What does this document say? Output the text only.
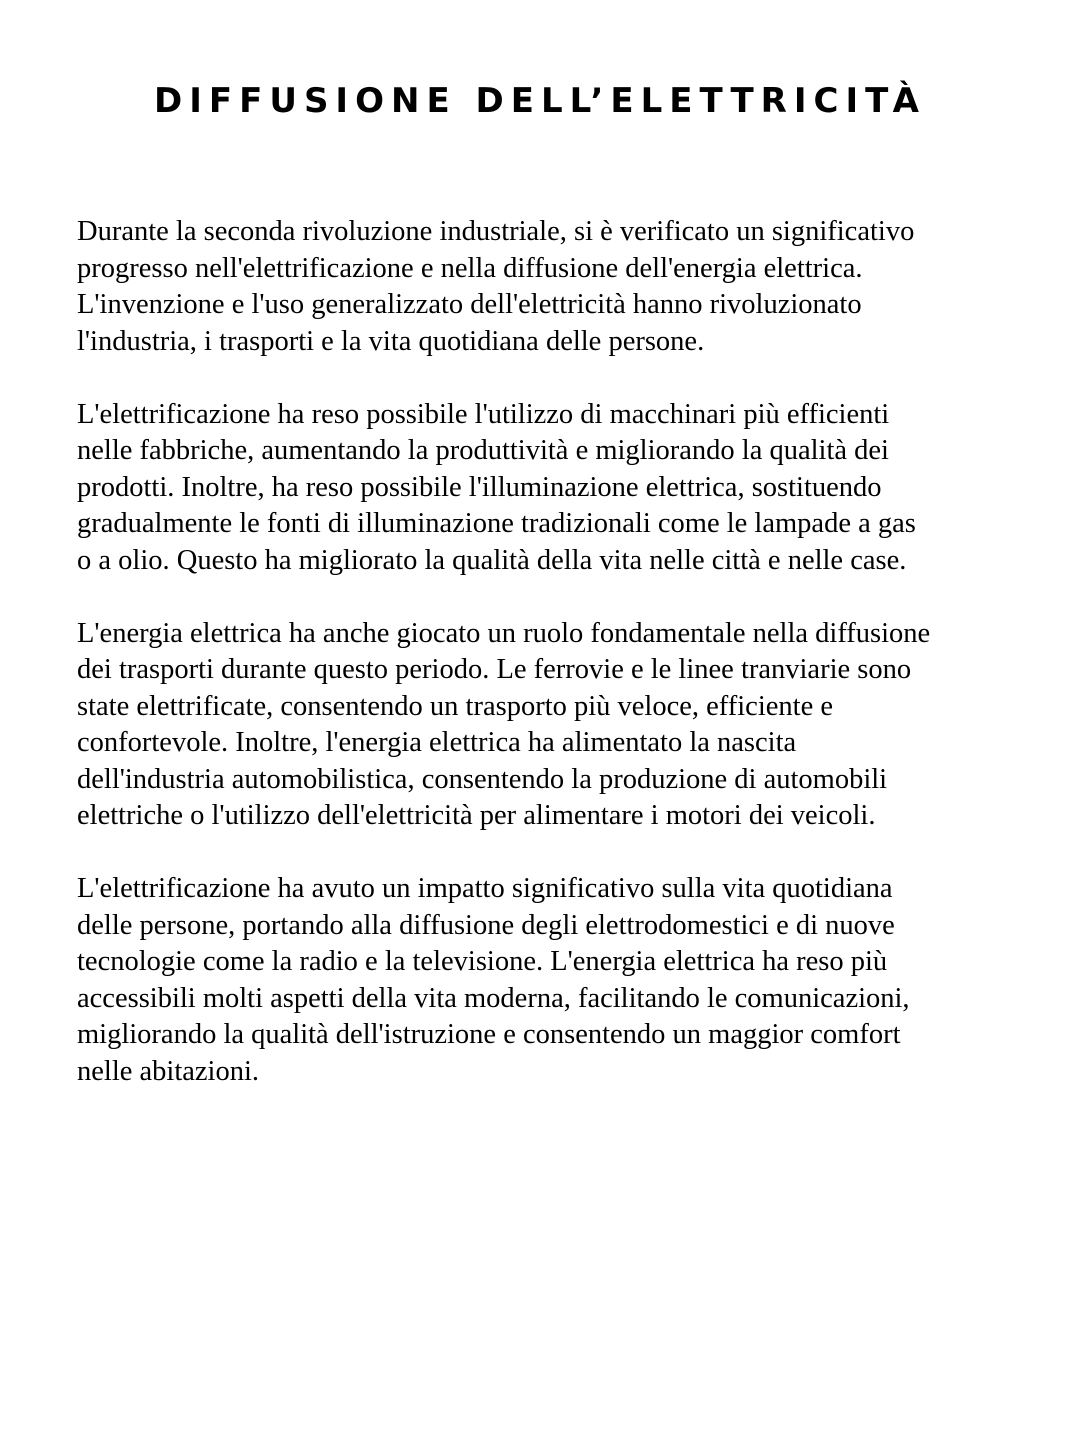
DIFFUSIONE DELL’ELETTRICITÀ

Durante la seconda rivoluzione industriale, si è verificato un significativo
progresso nell'elettrificazione e nella diffusione dell'energia elettrica.
L'invenzione e l'uso generalizzato dell'elettricità hanno rivoluzionato
l'industria, i trasporti e la vita quotidiana delle persone.

L'elettrificazione ha reso possibile l'utilizzo di macchinari più efficienti
nelle fabbriche, aumentando la produttività e migliorando la qualità dei
prodotti. Inoltre, ha reso possibile l'illuminazione elettrica, sostituendo
gradualmente le fonti di illuminazione tradizionali come le lampade a gas
o a olio. Questo ha migliorato la qualità della vita nelle città e nelle case.

L'energia elettrica ha anche giocato un ruolo fondamentale nella diffusione
dei trasporti durante questo periodo. Le ferrovie e le linee tranviarie sono
state elettrificate, consentendo un trasporto più veloce, efficiente e
confortevole. Inoltre, l'energia elettrica ha alimentato la nascita
dell'industria automobilistica, consentendo la produzione di automobili
elettriche o l'utilizzo dell'elettricità per alimentare i motori dei veicoli.

L'elettrificazione ha avuto un impatto significativo sulla vita quotidiana
delle persone, portando alla diffusione degli elettrodomestici e di nuove
tecnologie come la radio e la televisione. L'energia elettrica ha reso più
accessibili molti aspetti della vita moderna, facilitando le comunicazioni,
migliorando la qualità dell'istruzione e consentendo un maggior comfort
nelle abitazioni.
